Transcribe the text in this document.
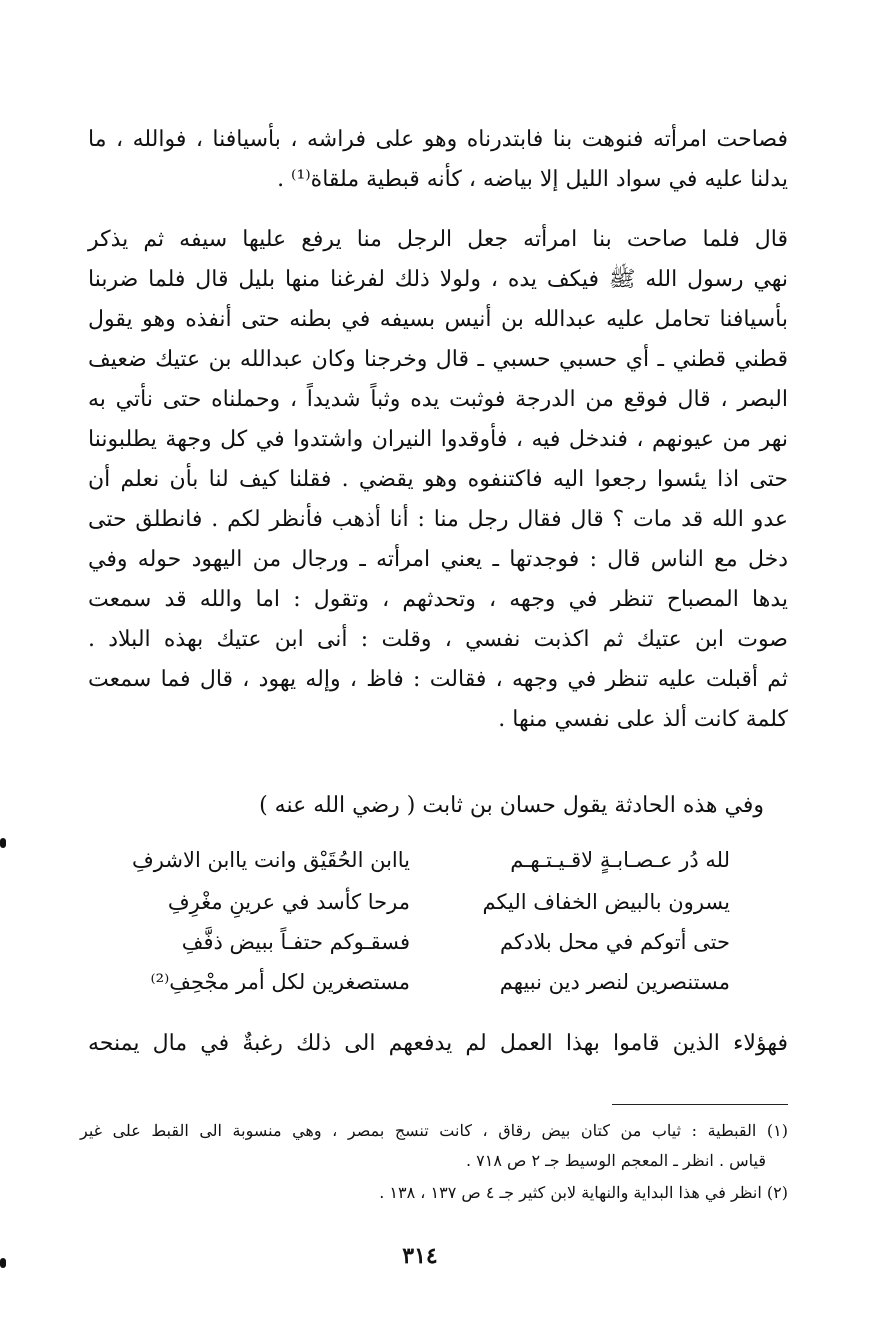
فصاحت امرأته فنوهت بنا فابتدرناه وهو على فراشه ، بأسيافنا ، فوالله ، ما
يدلنا عليه في سواد الليل إلا بياضه ، كأنه قبطية ملقاة⁽¹⁾ .
قال فلما صاحت بنا امرأته جعل الرجل منا يرفع عليها سيفه ثم يذكر
نهي رسول الله ﷺ فيكف يده ، ولولا ذلك لفرغنا منها بليل قال فلما ضربنا
بأسيافنا تحامل عليه عبدالله بن أنيس بسيفه في بطنه حتى أنفذه وهو يقول
قطني قطني ـ أي حسبي حسبي ـ قال وخرجنا وكان عبدالله بن عتيك ضعيف
البصر ، قال فوقع من الدرجة فوثبت يده وثباً شديداً ، وحملناه حتى نأتي به
نهر من عيونهم ، فندخل فيه ، فأوقدوا النيران واشتدوا في كل وجهة يطلبوننا
حتى اذا يئسوا رجعوا اليه فاكتنفوه وهو يقضي . فقلنا كيف لنا بأن نعلم أن
عدو الله قد مات ؟ قال فقال رجل منا : أنا أذهب فأنظر لكم . فانطلق حتى
دخل مع الناس قال : فوجدتها ـ يعني امرأته ـ ورجال من اليهود حوله وفي
يدها المصباح تنظر في وجهه ، وتحدثهم ، وتقول : اما والله قد سمعت
صوت ابن عتيك ثم اكذبت نفسي ، وقلت : أنى ابن عتيك بهذه البلاد .
ثم أقبلت عليه تنظر في وجهه ، فقالت : فاظ ، وإله يهود ، قال فما سمعت
كلمة كانت ألذ على نفسي منها .
وفي هذه الحادثة يقول حسان بن ثابت ( رضي الله عنه )
لله دُر عـصـابـةٍ لاقـيـتـهـم
ياابن الحُقَيْق وانت ياابن الاشرفِ
يسرون بالبيض الخفاف اليكم
مرحا كأسد في عرينِ مغْرِفِ
حتى أتوكم في محل بلادكم
فسقـوكم حتفـاً ببيض ذفَّفِ
مستنصرين لنصر دين نبيهم
مستصغرين لكل أمر مجْحِفِ⁽²⁾
فهؤلاء الذين قاموا بهذا العمل لم يدفعهم الى ذلك رغبةٌ في مال يمنحه
(١) القبطية : ثياب من كتان بيض رقاق ، كانت تنسج بمصر ، وهي منسوبة الى القبط على غير
قياس . انظر ـ المعجم الوسيط جـ ٢ ص ٧١٨ .
(٢) انظر في هذا البداية والنهاية لابن كثير جـ ٤ ص ١٣٧ ، ١٣٨ .
٣١٤
